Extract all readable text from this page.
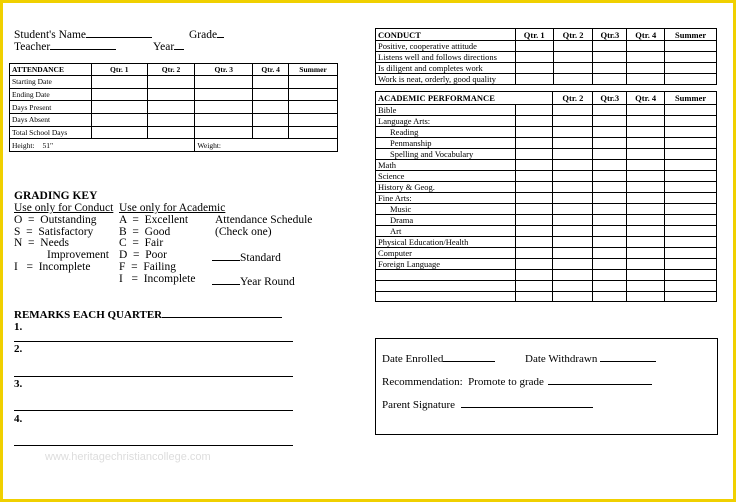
Student's Name	Grade
Teacher	Year
ATTENDANCE	Qtr. 1	Qtr. 2	Qtr. 3	Qtr. 4	Summer
Starting Date					
Ending Date					
Days Present					
Days Absent					
Total School Days					
Height: 51"			Weight:		
GRADING KEY
Use only for Conduct Use only for Academic
O  =  Outstanding
S  =  Satisfactory
N  =  Needs
Improvement
I   =  Incomplete
A  =  Excellent
B  =  Good
C  =  Fair
D  =  Poor
F  =  Failing
I   =  Incomplete
Attendance Schedule
(Check one)
Standard
Year Round
REMARKS EACH QUARTER
1.
2.
3.
4.
www.heritagechristiancollege.com
CONDUCT	Qtr. 1	Qtr. 2	Qtr.3	Qtr. 4	Summer
Positive, cooperative attitude					
Listens well and follows directions					
Is diligent and completes work					
Work is neat, orderly, good quality					
ACADEMIC PERFORMANCE		Qtr. 2	Qtr.3	Qtr. 4	Summer
Bible					
Language Arts:					
Reading					
Penmanship					
Spelling and Vocabulary					
Math					
Science					
History & Geog.					
Fine Arts:					
Music					
Drama					
Art					
Physical Education/Health					
Computer					
Foreign Language					

Date Enrolled	Date Withdrawn
Recommendation:  Promote to grade
Parent Signature
